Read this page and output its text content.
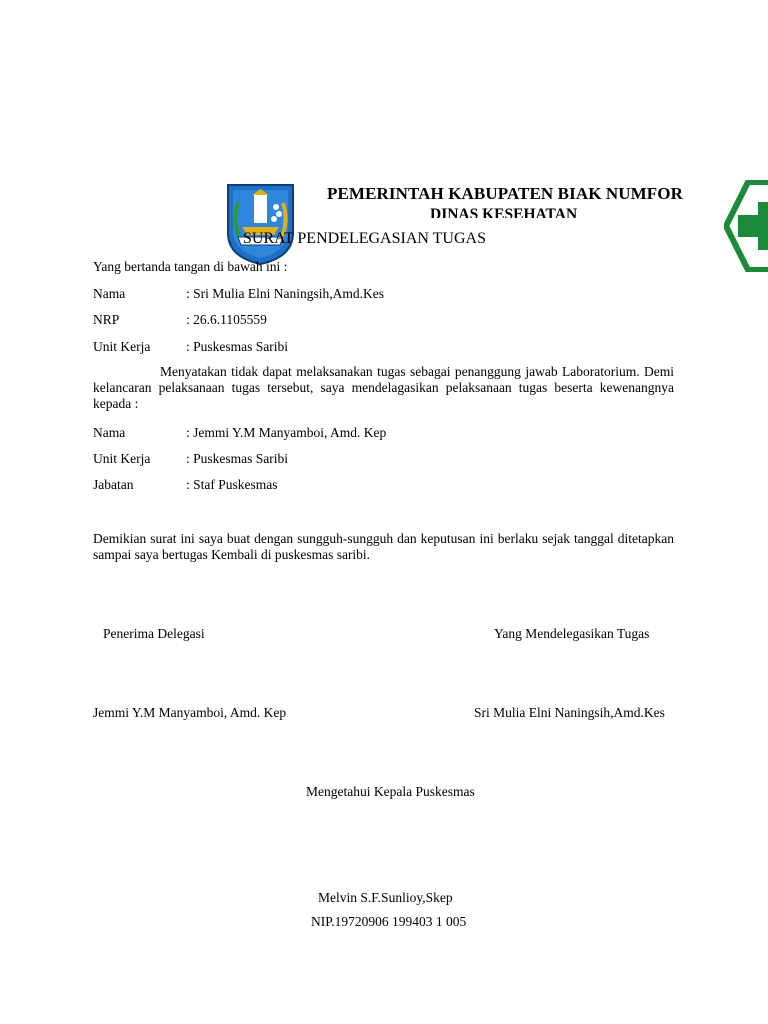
PEMERINTAH KABUPATEN BIAK NUMFOR
DINAS KESEHATAN
SURAT PENDELEGASIAN TUGAS
Yang bertanda tangan di bawah ini :
Nama	: Sri Mulia Elni Naningsih,Amd.Kes
NRP	: 26.6.1105559
Unit Kerja	: Puskesmas Saribi
Menyatakan tidak dapat melaksanakan tugas sebagai penanggung jawab Laboratorium. Demi kelancaran pelaksanaan tugas tersebut, saya mendelagasikan pelaksanaan tugas beserta kewenangnya kepada :
Nama	: Jemmi Y.M Manyamboi, Amd. Kep
Unit Kerja	: Puskesmas Saribi
Jabatan	: Staf Puskesmas
Demikian surat ini saya buat dengan sungguh-sungguh dan keputusan ini berlaku sejak tanggal ditetapkan sampai saya bertugas Kembali di puskesmas saribi.
Penerima Delegasi	Yang Mendelegasikan Tugas
Jemmi Y.M Manyamboi, Amd. Kep	Sri Mulia Elni Naningsih,Amd.Kes
Mengetahui Kepala Puskesmas
Melvin S.F.Sunlioy,Skep
NIP.19720906 199403 1 005
